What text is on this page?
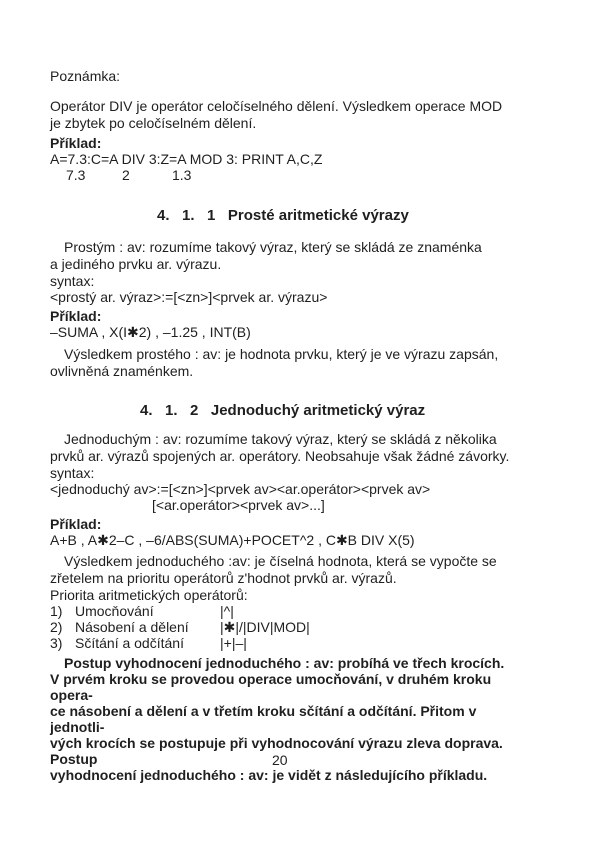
Poznámka:
Operátor DIV je operátor celočíselného dělení. Výsledkem operace MOD
je zbytek po celočíselném dělení.
Příklad:
A=7.3:C=A DIV 3:Z=A MOD 3: PRINT A,C,Z
7.3	2	1.3
4.   1.   1   Prosté aritmetické výrazy
Prostým : av: rozumíme takový výraz, který se skládá ze znaménka
a jediného prvku ar. výrazu.
syntax:
<prostý ar. výraz>:=[<zn>]<prvek ar. výrazu>
Příklad:
–SUMA , X(I✱2) , –1.25 , INT(B)
Výsledkem prostého : av: je hodnota prvku, který je ve výrazu zapsán,
ovlivněná znaménkem.
4.   1.   2   Jednoduchý aritmetický výraz
Jednoduchým : av: rozumíme takový výraz, který se skládá z několika
prvků ar. výrazů spojených ar. operátory. Neobsahuje však žádné závorky.
syntax:
<jednoduchý av>:=[<zn>]<prvek av><ar.operátor><prvek av>
[<ar.operátor><prvek av>...]
Příklad:
A+B , A✱2–C , –6/ABS(SUMA)+POCET^2 , C✱B DIV X(5)
Výsledkem jednoduchého :av: je číselná hodnota, která se vypočte se
zřetelem na prioritu operátorů z'hodnot prvků ar. výrazů.
Priorita aritmetických operátorů:
1) Umocňování	|^|
2) Násobení a dělení |✱|/|DIV|MOD|
3) Sčítání a odčítání	|+|–|
Postup vyhodnocení jednoduchého : av: probíhá ve třech krocích.
V prvém kroku se provedou operace umocňování, v druhém kroku opera-
ce násobení a dělení a v třetím kroku sčítání a odčítání. Přitom v jednotli-
vých krocích se postupuje při vyhodnocování výrazu zleva doprava. Postup
vyhodnocení jednoduchého : av: je vidět z následujícího příkladu.
20
